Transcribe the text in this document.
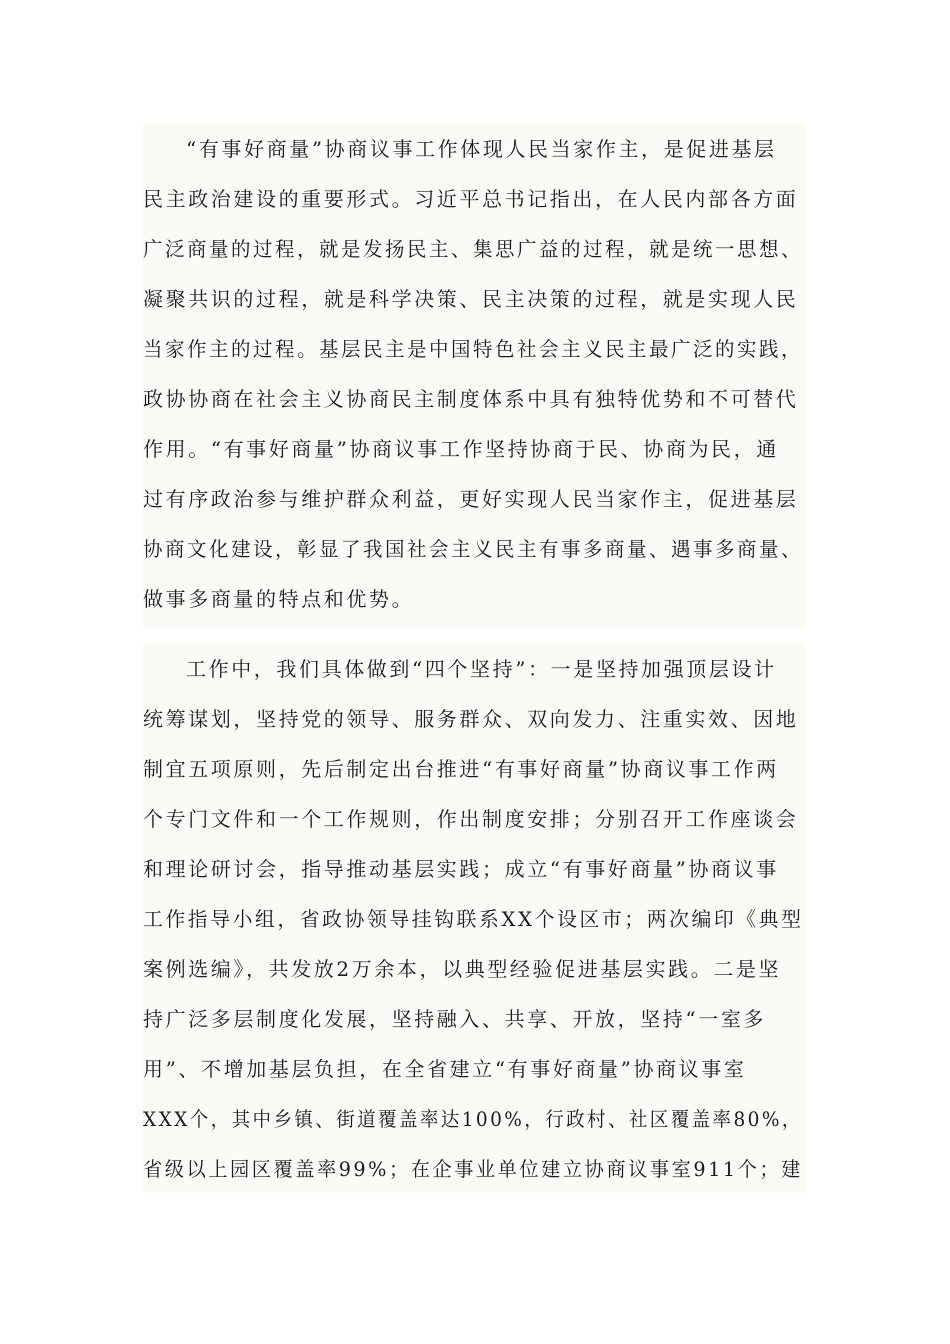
“有事好商量”协商议事工作体现人民当家作主，是促进基层
民主政治建设的重要形式。习近平总书记指出，在人民内部各方面
广泛商量的过程，就是发扬民主、集思广益的过程，就是统一思想、
凝聚共识的过程，就是科学决策、民主决策的过程，就是实现人民
当家作主的过程。基层民主是中国特色社会主义民主最广泛的实践，
政协协商在社会主义协商民主制度体系中具有独特优势和不可替代
作用。“有事好商量”协商议事工作坚持协商于民、协商为民，通
过有序政治参与维护群众利益，更好实现人民当家作主，促进基层
协商文化建设，彰显了我国社会主义民主有事多商量、遇事多商量、
做事多商量的特点和优势。
工作中，我们具体做到“四个坚持”：一是坚持加强顶层设计
统筹谋划，坚持党的领导、服务群众、双向发力、注重实效、因地
制宜五项原则，先后制定出台推进“有事好商量”协商议事工作两
个专门文件和一个工作规则，作出制度安排；分别召开工作座谈会
和理论研讨会，指导推动基层实践；成立“有事好商量”协商议事
工作指导小组，省政协领导挂钩联系XX个设区市；两次编印《典型
案例选编》，共发放2万余本，以典型经验促进基层实践。二是坚
持广泛多层制度化发展，坚持融入、共享、开放，坚持“一室多
用”、不增加基层负担，在全省建立“有事好商量”协商议事室
XXX个，其中乡镇、街道覆盖率达100%，行政村、社区覆盖率80%，
省级以上园区覆盖率99%；在企事业单位建立协商议事室911个；建
